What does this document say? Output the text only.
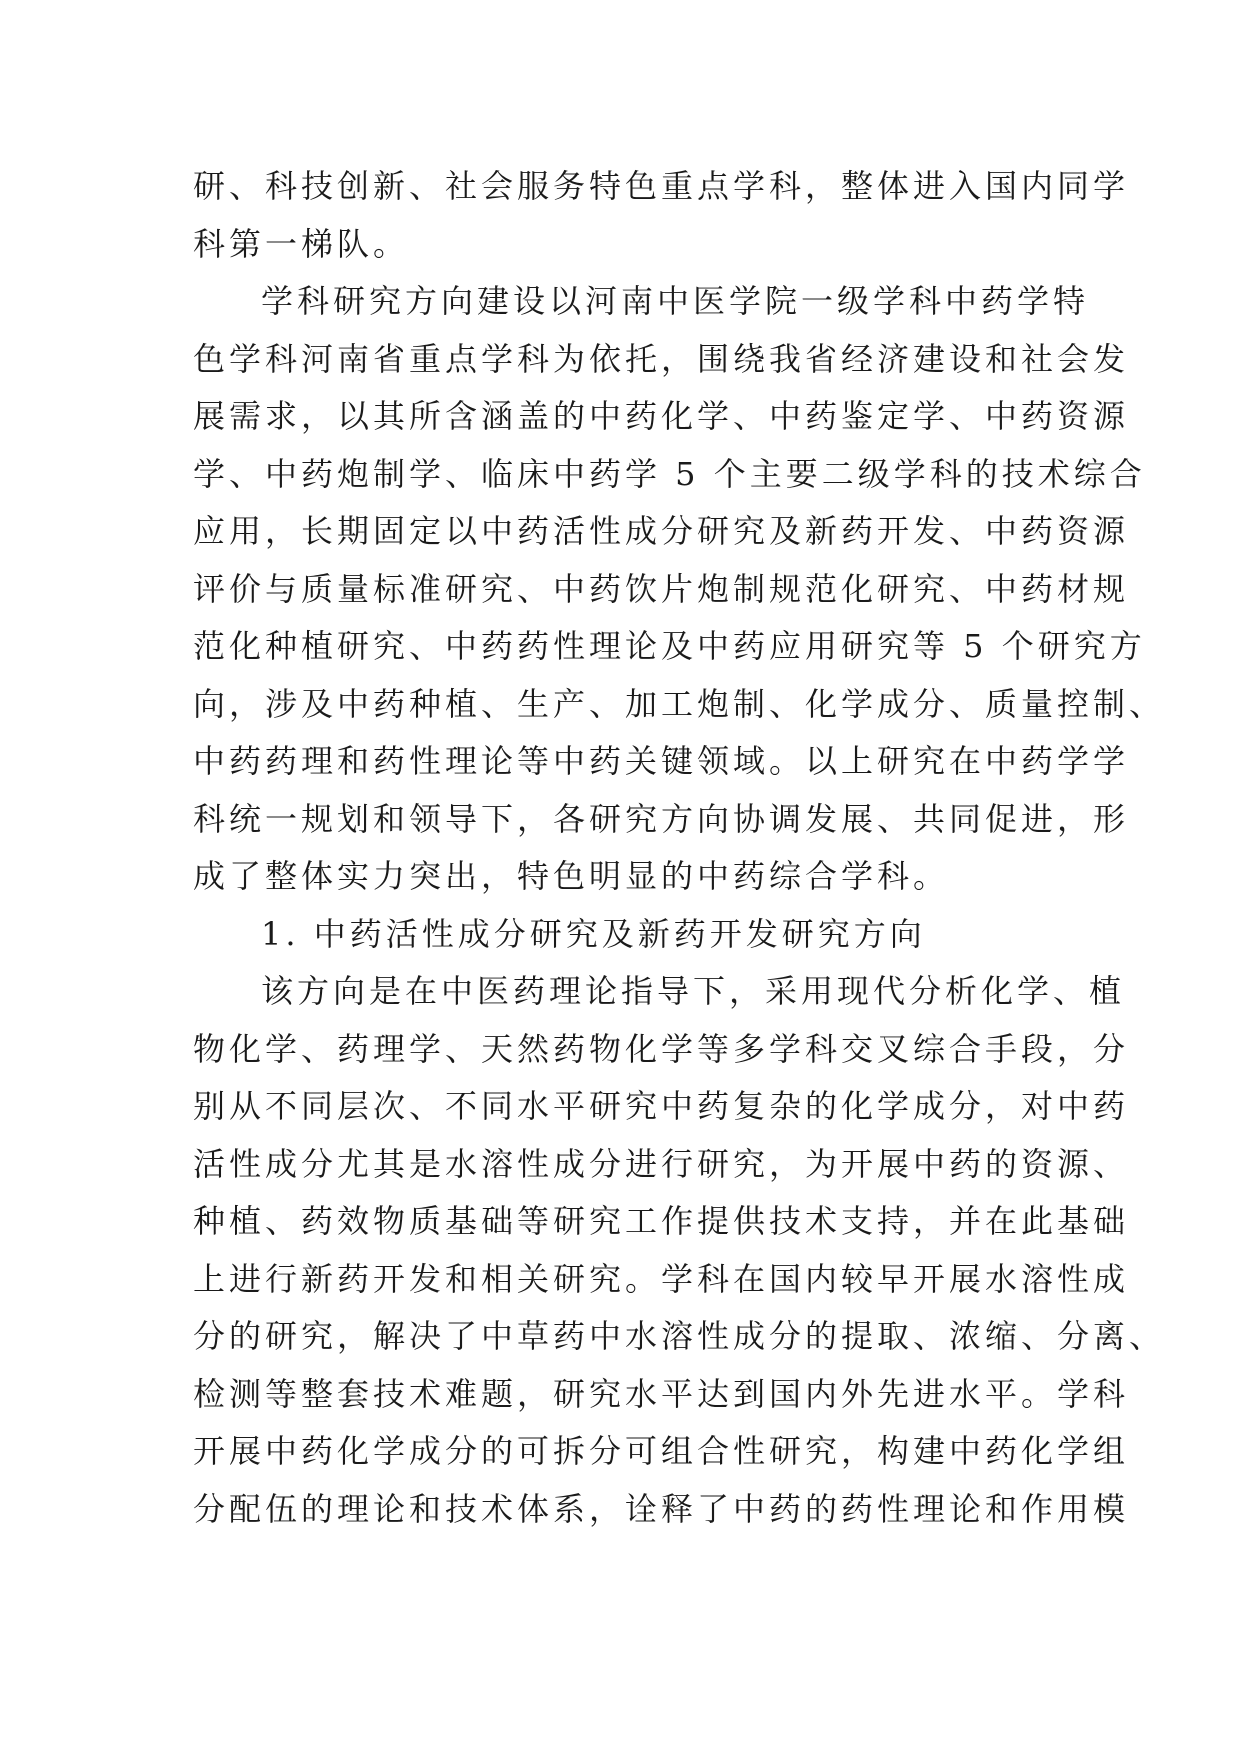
研、科技创新、社会服务特色重点学科，整体进入国内同学
科第一梯队。
学科研究方向建设以河南中医学院一级学科中药学特
色学科河南省重点学科为依托，围绕我省经济建设和社会发
展需求，以其所含涵盖的中药化学、中药鉴定学、中药资源
学、中药炮制学、临床中药学 5 个主要二级学科的技术综合
应用，长期固定以中药活性成分研究及新药开发、中药资源
评价与质量标准研究、中药饮片炮制规范化研究、中药材规
范化种植研究、中药药性理论及中药应用研究等 5 个研究方
向，涉及中药种植、生产、加工炮制、化学成分、质量控制、
中药药理和药性理论等中药关键领域。以上研究在中药学学
科统一规划和领导下，各研究方向协调发展、共同促进，形
成了整体实力突出，特色明显的中药综合学科。
1. 中药活性成分研究及新药开发研究方向
该方向是在中医药理论指导下，采用现代分析化学、植
物化学、药理学、天然药物化学等多学科交叉综合手段，分
别从不同层次、不同水平研究中药复杂的化学成分，对中药
活性成分尤其是水溶性成分进行研究，为开展中药的资源、
种植、药效物质基础等研究工作提供技术支持，并在此基础
上进行新药开发和相关研究。学科在国内较早开展水溶性成
分的研究，解决了中草药中水溶性成分的提取、浓缩、分离、
检测等整套技术难题，研究水平达到国内外先进水平。学科
开展中药化学成分的可拆分可组合性研究，构建中药化学组
分配伍的理论和技术体系，诠释了中药的药性理论和作用模
